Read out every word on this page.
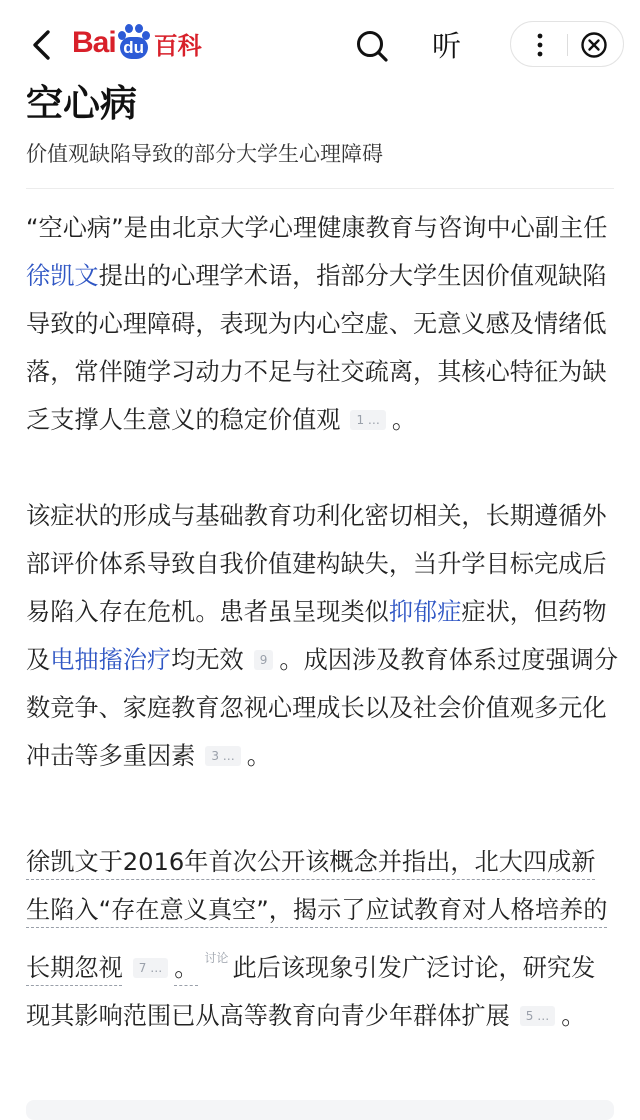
Bai du 百科	听
空心病
价值观缺陷导致的部分大学生心理障碍

“空心病”是由北京大学心理健康教育与咨询中心副主任徐凯文提出的心理学术语，指部分大学生因价值观缺陷导致的心理障碍，表现为内心空虚、无意义感及情绪低落，常伴随学习动力不足与社交疏离，其核心特征为缺乏支撑人生意义的稳定价值观 1 … 。

该症状的形成与基础教育功利化密切相关，长期遵循外部评价体系导致自我价值建构缺失，当升学目标完成后易陷入存在危机。患者虽呈现类似抑郁症症状，但药物及电抽搐治疗均无效 9 。成因涉及教育体系过度强调分数竞争、家庭教育忽视心理成长以及社会价值观多元化冲击等多重因素 3 … 。

徐凯文于2016年首次公开该概念并指出，北大四成新生陷入“存在意义真空”，揭示了应试教育对人格培养的长期忽视 7 … 。 $^{讨论}$ 此后该现象引发广泛讨论，研究发现其影响范围已从高等教育向青少年群体扩展 5 … 。
